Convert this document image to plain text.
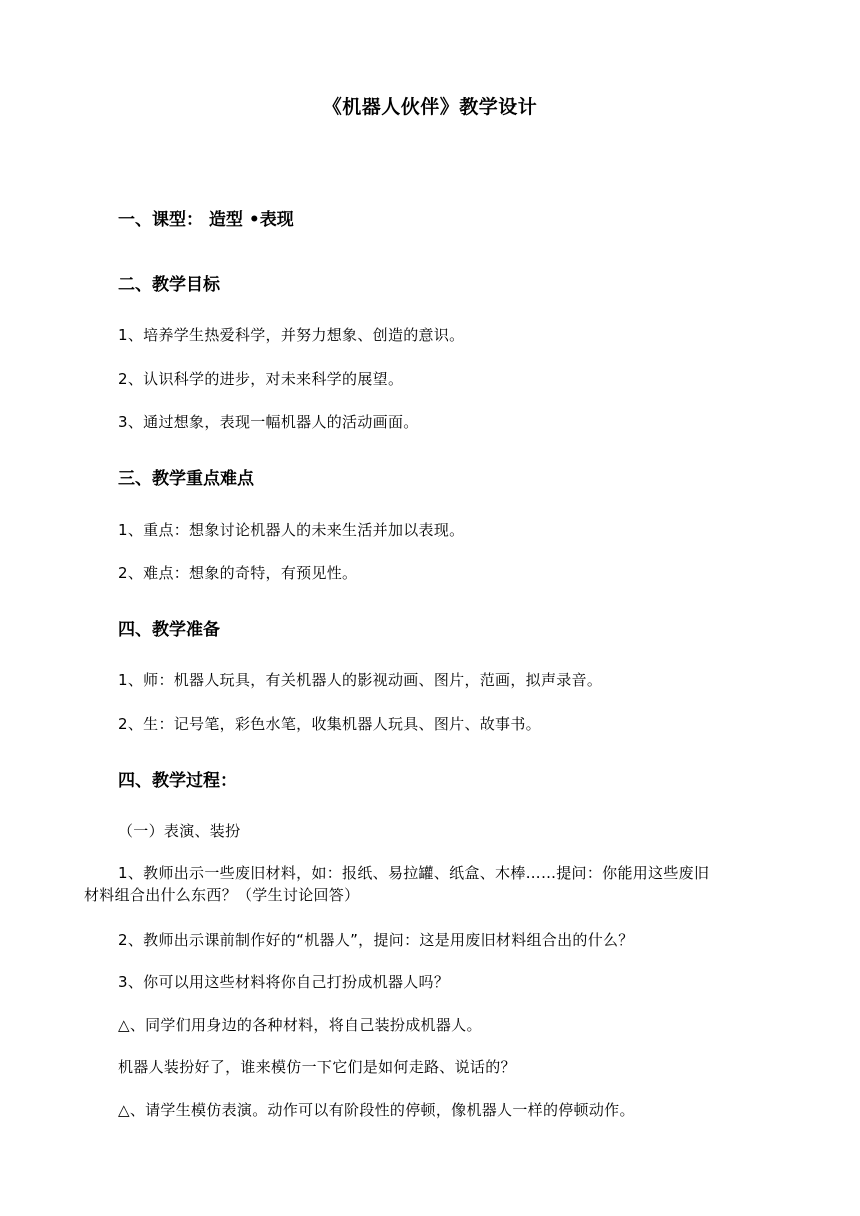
《机器人伙伴》教学设计
一、课型： 造型 •表现
二、教学目标
1、培养学生热爱科学，并努力想象、创造的意识。
2、认识科学的进步，对未来科学的展望。
3、通过想象，表现一幅机器人的活动画面。
三、教学重点难点
1、重点：想象讨论机器人的未来生活并加以表现。
2、难点：想象的奇特，有预见性。
四、教学准备
1、师：机器人玩具，有关机器人的影视动画、图片，范画，拟声录音。
2、生：记号笔，彩色水笔，收集机器人玩具、图片、故事书。
四、教学过程：
（一）表演、装扮
1、教师出示一些废旧材料，如：报纸、易拉罐、纸盒、木棒……提问：你能用这些废旧
材料组合出什么东西？（学生讨论回答）
2、教师出示课前制作好的“机器人”，提问：这是用废旧材料组合出的什么？
3、你可以用这些材料将你自己打扮成机器人吗？
△、同学们用身边的各种材料，将自己装扮成机器人。
机器人装扮好了，谁来模仿一下它们是如何走路、说话的？
△、请学生模仿表演。动作可以有阶段性的停顿，像机器人一样的停顿动作。
